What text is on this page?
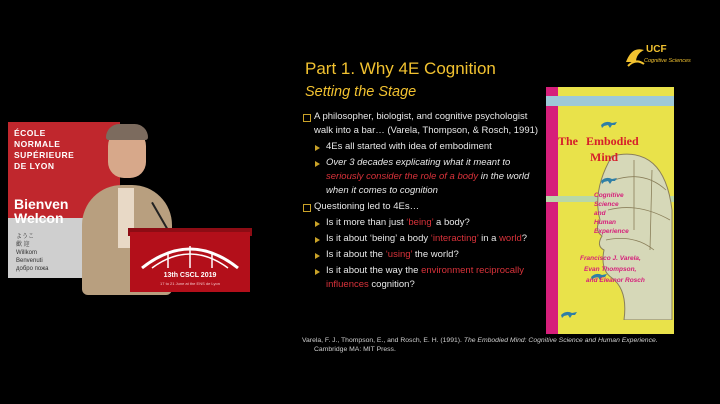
ÉCOLE
NORMALE
SUPÉRIEURE
DE LYON
Bienven
Welcon
ようこ
歡 迎
Willkom
Benvenuti
добро пожа
13th CSCL 2019
17 to 21 June at the ENS de Lyon
UCF
Cognitive Sciences
Part 1. Why 4E Cognition
Setting the Stage
A philosopher, biologist, and cognitive psychologist walk into a bar… (Varela, Thompson, & Rosch, 1991)
4Es all started with idea of embodiment
Over 3 decades explicating what it meant to seriously consider the role of a body in the world when it comes to cognition
Questioning led to 4Es…
Is it more than just ‘being’ a body?
Is it about ‘being’ a body ‘interacting’ in a world?
Is it about the ‘using’ the world?
Is it about the way the environment reciprocally influences cognition?
Varela, F. J., Thompson, E., and Rosch, E. H. (1991). The Embodied Mind: Cognitive Science and Human Experience.
Cambridge MA: MIT Press.
The Embodied
Mind
Cognitive
Science
and
Human
Experience
Francisco J. Varela,
Evan Thompson,
and Eleanor Rosch
